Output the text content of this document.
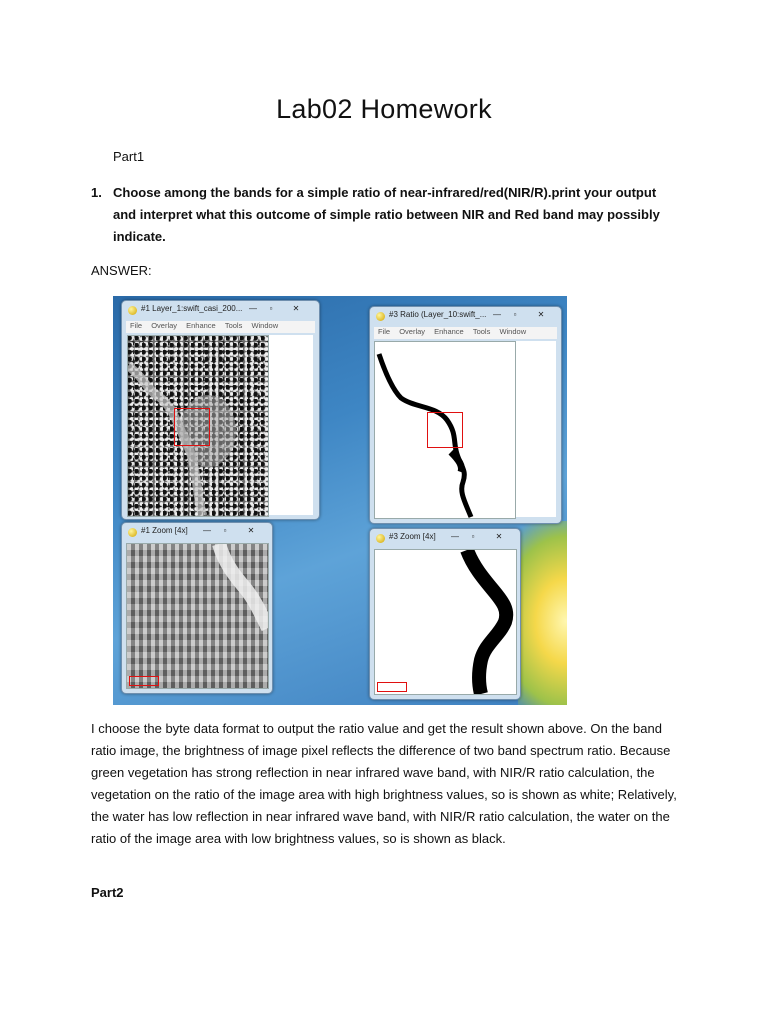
Lab02 Homework
Part1
1. Choose among the bands for a simple ratio of near-infrared/red(NIR/R).print your output and interpret what this outcome of simple ratio between NIR and Red band may possibly indicate.
ANSWER:
#1 Layer_1:swift_casi_200... —	▫	✕
File Overlay Enhance Tools Window
#3 Ratio (Layer_10:swift_... —	▫	✕
File Overlay Enhance Tools Window
#1 Zoom [4x]	—	▫	✕
#3 Zoom [4x]	—	▫	✕
I choose the byte data format to output the ratio value and get the result shown above. On the band ratio image, the brightness of image pixel reflects the difference of two band spectrum ratio. Because green vegetation has strong reflection in near infrared wave band, with NIR/R ratio calculation, the vegetation on the ratio of the image area with high brightness values, so is shown as white; Relatively, the water has low reflection in near infrared wave band, with NIR/R ratio calculation, the water on the ratio of the image area with low brightness values, so is shown as black.
Part2
